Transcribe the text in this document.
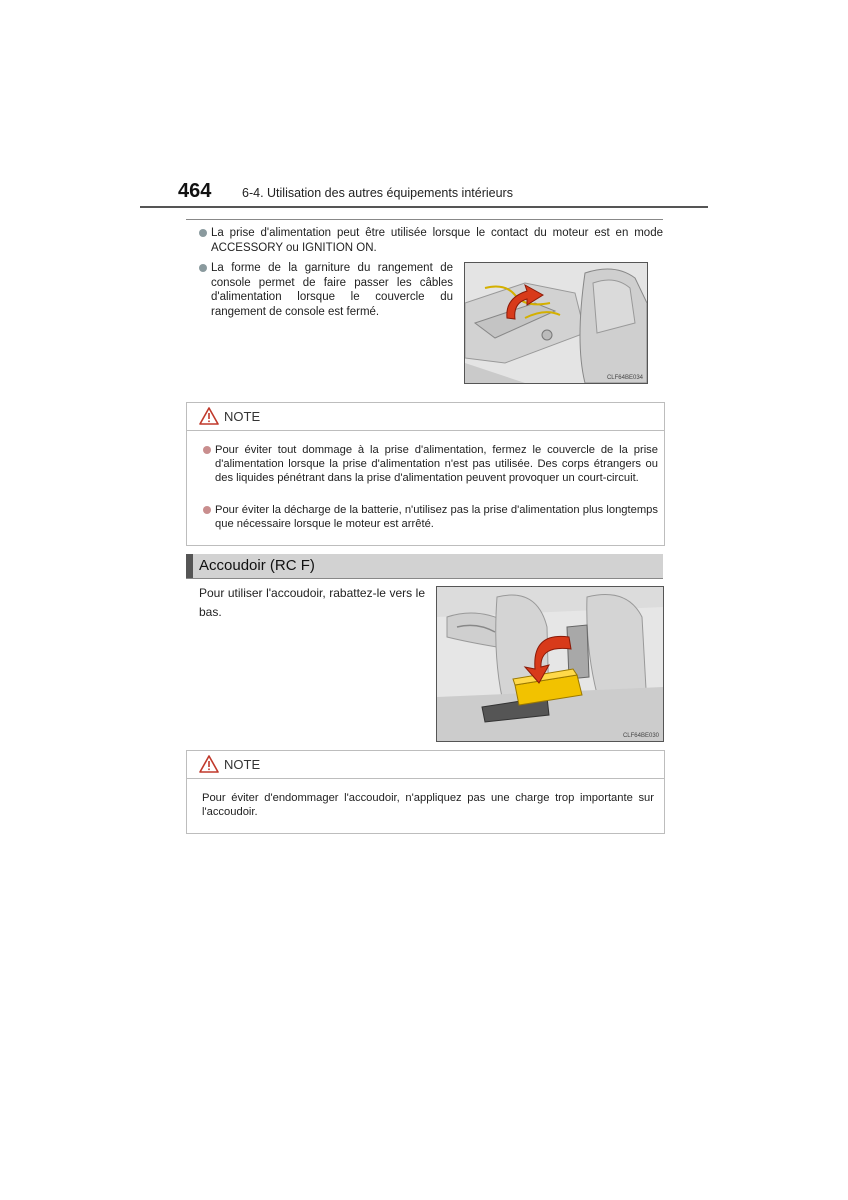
464 6-4. Utilisation des autres équipements intérieurs
La prise d'alimentation peut être utilisée lorsque le contact du moteur est en mode ACCESSORY ou IGNITION ON.
La forme de la garniture du rangement de console permet de faire passer les câbles d'alimentation lorsque le couvercle du rangement de console est fermé.
CLF64BE034
NOTE
Pour éviter tout dommage à la prise d'alimentation, fermez le couvercle de la prise d'alimentation lorsque la prise d'alimentation n'est pas utilisée. Des corps étrangers ou des liquides pénétrant dans la prise d'alimentation peuvent provoquer un court-circuit.
Pour éviter la décharge de la batterie, n'utilisez pas la prise d'alimentation plus longtemps que nécessaire lorsque le moteur est arrêté.
Accoudoir (RC F)
Pour utiliser l'accoudoir, rabattez-le vers le bas.
CLF64BE030
NOTE
Pour éviter d'endommager l'accoudoir, n'appliquez pas une charge trop importante sur l'accoudoir.
